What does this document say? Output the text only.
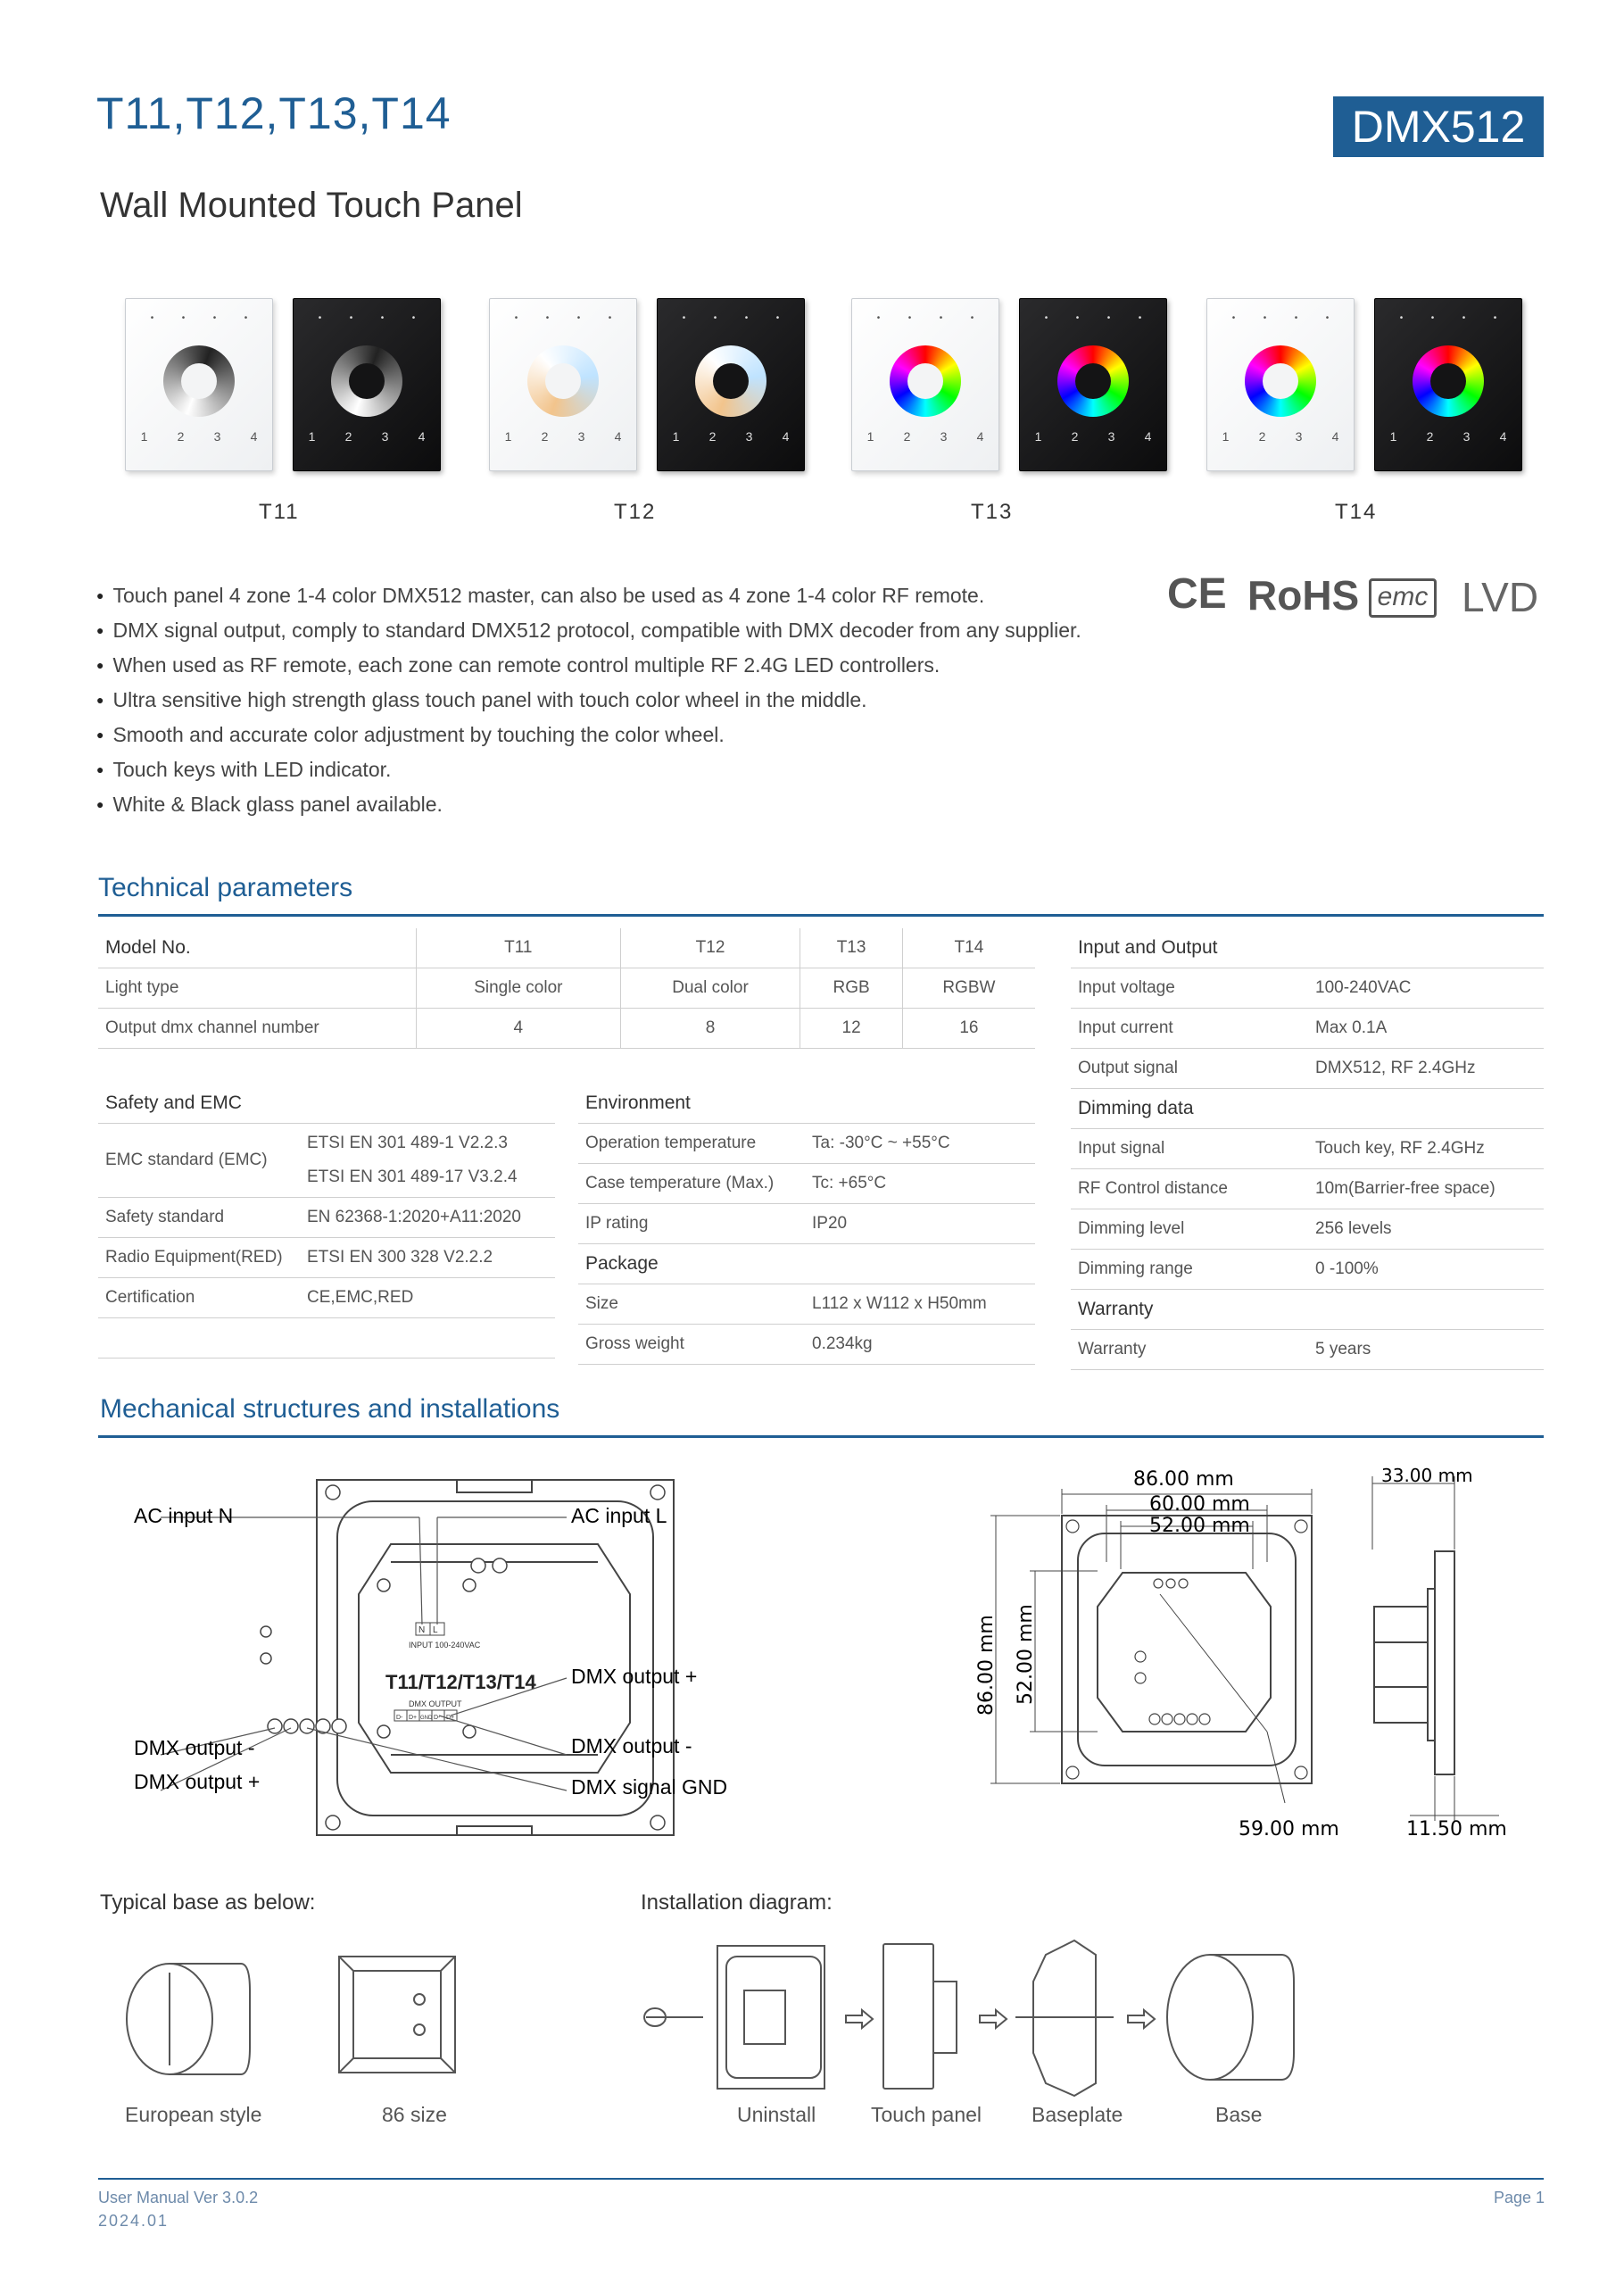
T11,T12,T13,T14	DMX512
Wall Mounted Touch Panel
•	•	•	•
1 2 3 4
•	•	•	•
1 2 3 4
T11
•	•	•	•
1 2 3 4
•	•	•	•
1 2 3 4
T12
•	•	•	•
1 2 3 4
•	•	•	•
1 2 3 4
T13
•	•	•	•
1 2 3 4
•	•	•	•
1 2 3 4
T14
● Touch panel 4 zone 1-4 color DMX512 master, can also be used as 4 zone 1-4 color RF remote.
● DMX signal output, comply to standard DMX512 protocol, compatible with DMX decoder from any supplier.
● When used as RF remote, each zone can remote control multiple RF 2.4G LED controllers.
● Ultra sensitive high strength glass touch panel with touch color wheel in the middle.
● Smooth and accurate color adjustment by touching the color wheel.
● Touch keys with LED indicator.
● White & Black glass panel available.
CE RoHS emc LVD
Technical parameters
Model No.	T11	T12	T13	T14
Light type	Single color	Dual color	RGB	RGBW
Output dmx channel number	4	8	12	16
Input and Output	
Input voltage	100-240VAC
Input current	Max 0.1A
Output signal	DMX512, RF 2.4GHz
Dimming data	
Input signal	Touch key, RF 2.4GHz
RF Control distance	10m(Barrier-free space)
Dimming level	256 levels
Dimming range	0 -100%
Warranty	
Warranty	5 years
Safety and EMC	
EMC standard (EMC)	ETSI EN 301 489-1 V2.2.3
ETSI EN 301 489-17 V3.2.4

Safety standard	EN 62368-1:2020+A11:2020
Radio Equipment(RED)	ETSI EN 300 328 V2.2.2
Certification	CE,EMC,RED

Environment	
Operation temperature	Ta: -30°C ~ +55°C
Case temperature (Max.)	Tc: +65°C
IP rating	IP20
Package	
Size	L112 x W112 x H50mm
Gross weight	0.234kg
Mechanical structures and installations
N L
INPUT 100-240VAC
T11/T12/T13/T14
DMX OUTPUT
D- D+ GND D- D+
AC input N	AC input L
DMX output +
DMX output -
DMX output -
DMX output +	DMX signal GND
86.00 mm
60.00 mm
52.00 mm
86.00 mm 52.00 mm
59.00 mm
33.00 mm
11.50 mm
Typical base as below:
European style	86 size
Installation diagram:
Uninstall	Touch panel Baseplate	Base
User Manual Ver 3.0.2
2024.01
Page 1
